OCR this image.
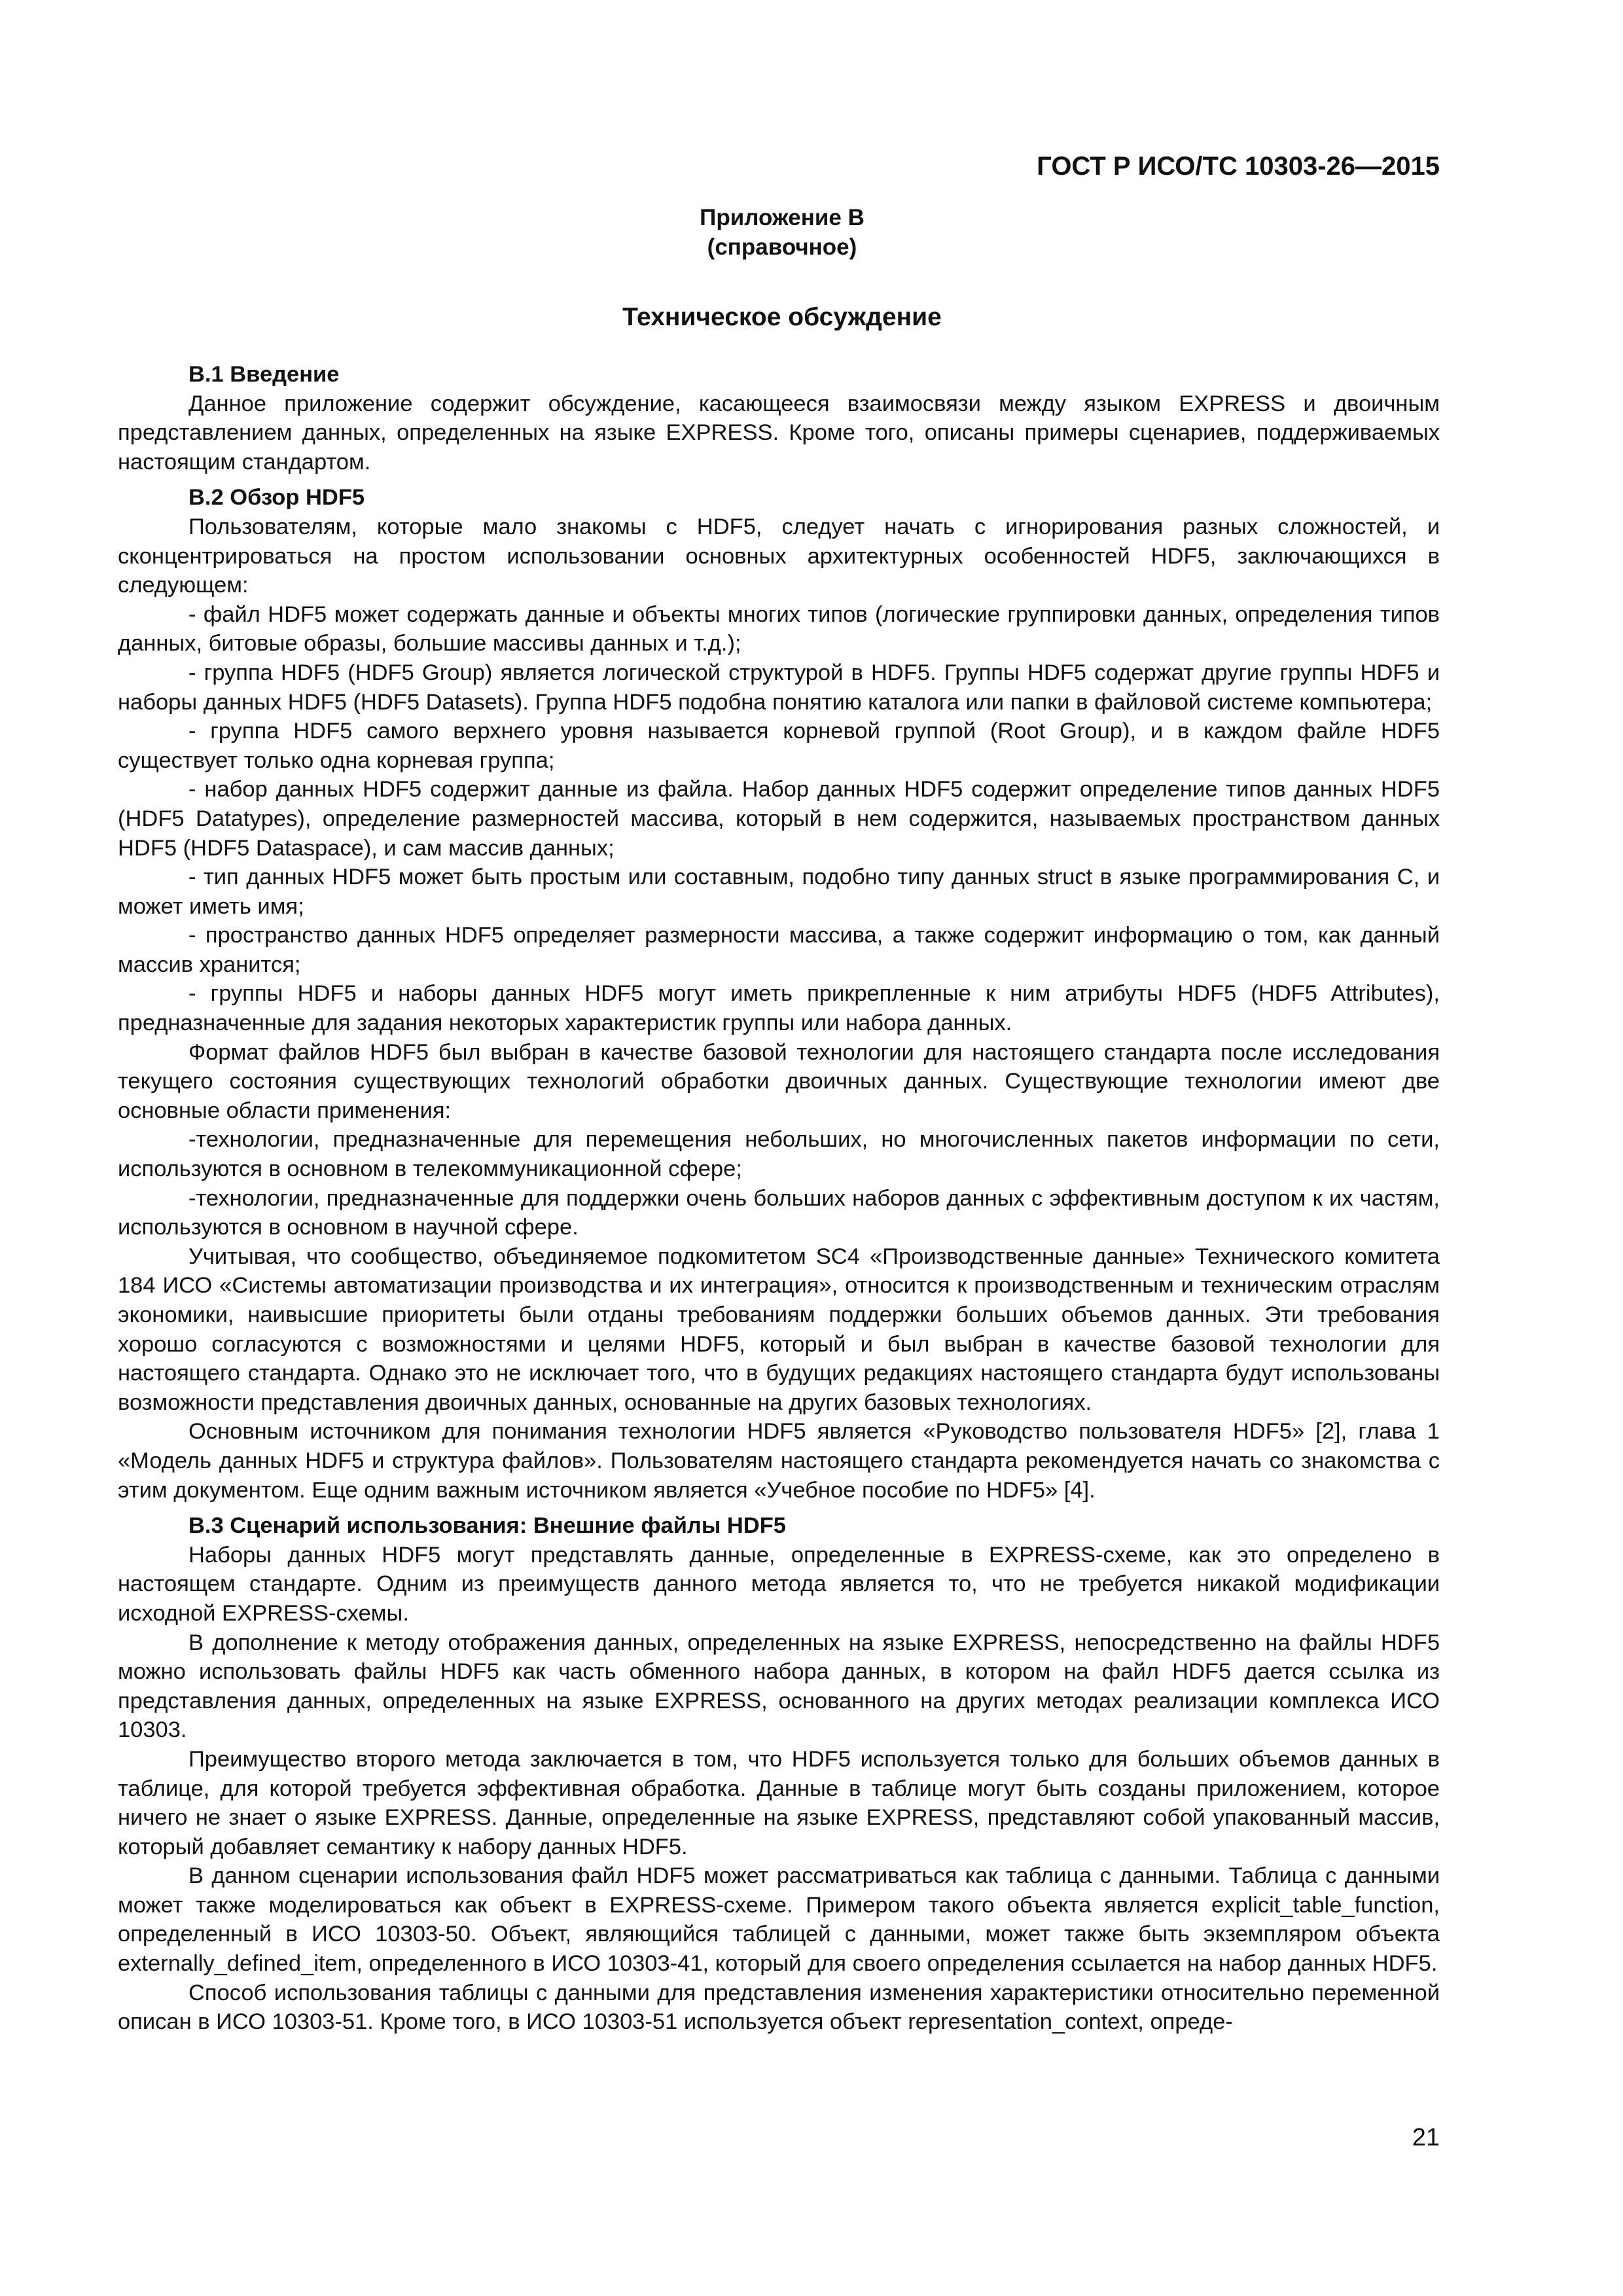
ГОСТ Р ИСО/ТС 10303-26—2015

Приложение В
(справочное)
Техническое обсуждение
В.1 Введение

Данное приложение содержит обсуждение, касающееся взаимосвязи между языком EXPRESS и двоичным представлением данных, определенных на языке EXPRESS. Кроме того, описаны примеры сценариев, поддерживаемых настоящим стандартом.

В.2 Обзор HDF5

Пользователям, которые мало знакомы с HDF5, следует начать с игнорирования разных сложностей, и сконцентрироваться на простом использовании основных архитектурных особенностей HDF5, заключающихся в следующем:

- файл HDF5 может содержать данные и объекты многих типов (логические группировки данных, определения типов данных, битовые образы, большие массивы данных и т.д.);

- группа HDF5 (HDF5 Group) является логической структурой в HDF5. Группы HDF5 содержат другие группы HDF5 и наборы данных HDF5 (HDF5 Datasets). Группа HDF5 подобна понятию каталога или папки в файловой системе компьютера;

- группа HDF5 самого верхнего уровня называется корневой группой (Root Group), и в каждом файле HDF5 существует только одна корневая группа;

- набор данных HDF5 содержит данные из файла. Набор данных HDF5 содержит определение типов данных HDF5 (HDF5 Datatypes), определение размерностей массива, который в нем содержится, называемых пространством данных HDF5 (HDF5 Dataspace), и сам массив данных;

- тип данных HDF5 может быть простым или составным, подобно типу данных struct в языке программирования С, и может иметь имя;

- пространство данных HDF5 определяет размерности массива, а также содержит информацию о том, как данный массив хранится;

- группы HDF5 и наборы данных HDF5 могут иметь прикрепленные к ним атрибуты HDF5 (HDF5 Attributes), предназначенные для задания некоторых характеристик группы или набора данных.

Формат файлов HDF5 был выбран в качестве базовой технологии для настоящего стандарта после исследования текущего состояния существующих технологий обработки двоичных данных. Существующие технологии имеют две основные области применения:

-технологии, предназначенные для перемещения небольших, но многочисленных пакетов информации по сети, используются в основном в телекоммуникационной сфере;

-технологии, предназначенные для поддержки очень больших наборов данных с эффективным доступом к их частям, используются в основном в научной сфере.

Учитывая, что сообщество, объединяемое подкомитетом SC4 «Производственные данные» Технического комитета 184 ИСО «Системы автоматизации производства и их интеграция», относится к производственным и техническим отраслям экономики, наивысшие приоритеты были отданы требованиям поддержки больших объемов данных. Эти требования хорошо согласуются с возможностями и целями HDF5, который и был выбран в качестве базовой технологии для настоящего стандарта. Однако это не исключает того, что в будущих редакциях настоящего стандарта будут использованы возможности представления двоичных данных, основанные на других базовых технологиях.

Основным источником для понимания технологии HDF5 является «Руководство пользователя HDF5» [2], глава 1 «Модель данных HDF5 и структура файлов». Пользователям настоящего стандарта рекомендуется начать со знакомства с этим документом. Еще одним важным источником является «Учебное пособие по HDF5» [4].

В.3 Сценарий использования: Внешние файлы HDF5

Наборы данных HDF5 могут представлять данные, определенные в EXPRESS-схеме, как это определено в настоящем стандарте. Одним из преимуществ данного метода является то, что не требуется никакой модификации исходной EXPRESS-схемы.

В дополнение к методу отображения данных, определенных на языке EXPRESS, непосредственно на файлы HDF5 можно использовать файлы HDF5 как часть обменного набора данных, в котором на файл HDF5 дается ссылка из представления данных, определенных на языке EXPRESS, основанного на других методах реализации комплекса ИСО 10303.

Преимущество второго метода заключается в том, что HDF5 используется только для больших объемов данных в таблице, для которой требуется эффективная обработка. Данные в таблице могут быть созданы приложением, которое ничего не знает о языке EXPRESS. Данные, определенные на языке EXPRESS, представляют собой упакованный массив, который добавляет семантику к набору данных HDF5.

В данном сценарии использования файл HDF5 может рассматриваться как таблица с данными. Таблица с данными может также моделироваться как объект в EXPRESS-схеме. Примером такого объекта является explicit_table_function, определенный в ИСО 10303-50. Объект, являющийся таблицей с данными, может также быть экземпляром объекта externally_defined_item, определенного в ИСО 10303-41, который для своего определения ссылается на набор данных HDF5.

Способ использования таблицы с данными для представления изменения характеристики относительно переменной описан в ИСО 10303-51. Кроме того, в ИСО 10303-51 используется объект representation_context, опреде-

21
